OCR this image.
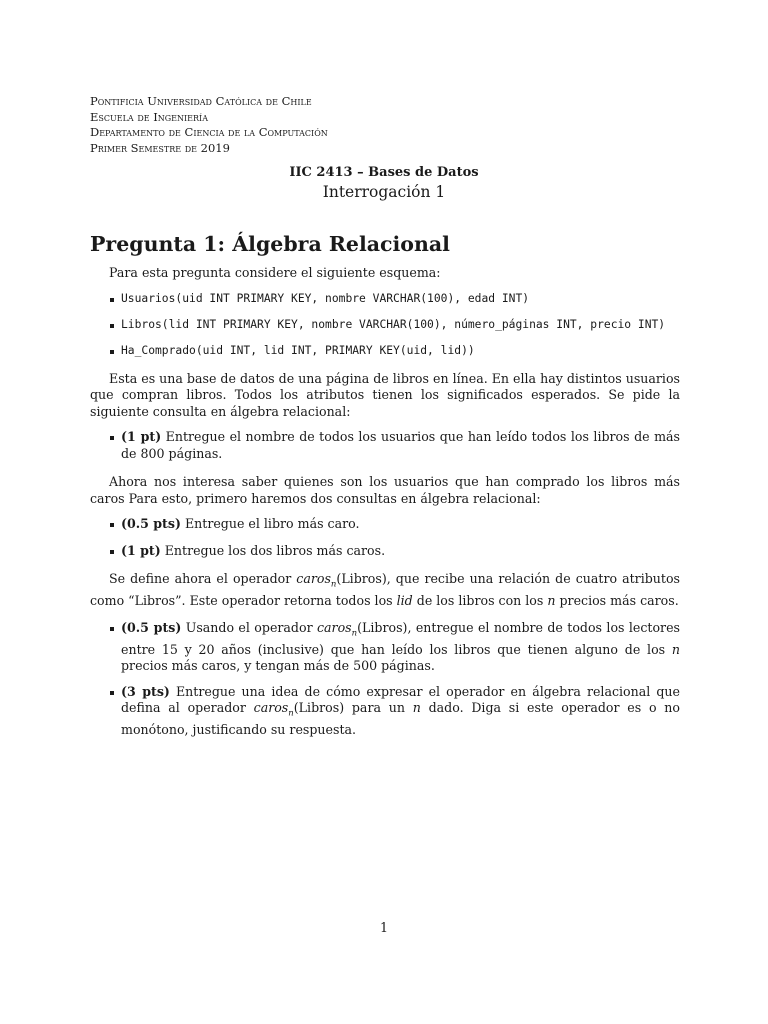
Pontificia Universidad Católica de Chile
Escuela de Ingeniería
Departamento de Ciencia de la Computación
Primer Semestre de 2019
IIC 2413 – Bases de Datos
Interrogación 1
Pregunta 1: Álgebra Relacional

Para esta pregunta considere el siguiente esquema:

Usuarios(uid INT PRIMARY KEY, nombre VARCHAR(100), edad INT)
Libros(lid INT PRIMARY KEY, nombre VARCHAR(100), número_páginas INT, precio INT)
Ha_Comprado(uid INT, lid INT, PRIMARY KEY(uid, lid))

Esta es una base de datos de una página de libros en línea. En ella hay distintos usuarios que compran libros. Todos los atributos tienen los significados esperados. Se pide la siguiente consulta en álgebra relacional:

(1 pt) Entregue el nombre de todos los usuarios que han leído todos los libros de más de 800 páginas.

Ahora nos interesa saber quienes son los usuarios que han comprado los libros más caros Para esto, primero haremos dos consultas en álgebra relacional:

(0.5 pts) Entregue el libro más caro.
(1 pt) Entregue los dos libros más caros.

Se define ahora el operador caros$_n$(Libros), que recibe una relación de cuatro atributos como “Libros”. Este operador retorna todos los lid de los libros con los n precios más caros.

(0.5 pts) Usando el operador caros$_n$(Libros), entregue el nombre de todos los lectores entre 15 y 20 años (inclusive) que han leído los libros que tienen alguno de los n precios más caros, y tengan más de 500 páginas.
(3 pts) Entregue una idea de cómo expresar el operador en álgebra relacional que defina al operador caros$_n$(Libros) para un n dado. Diga si este operador es o no monótono, justificando su respuesta.
1
